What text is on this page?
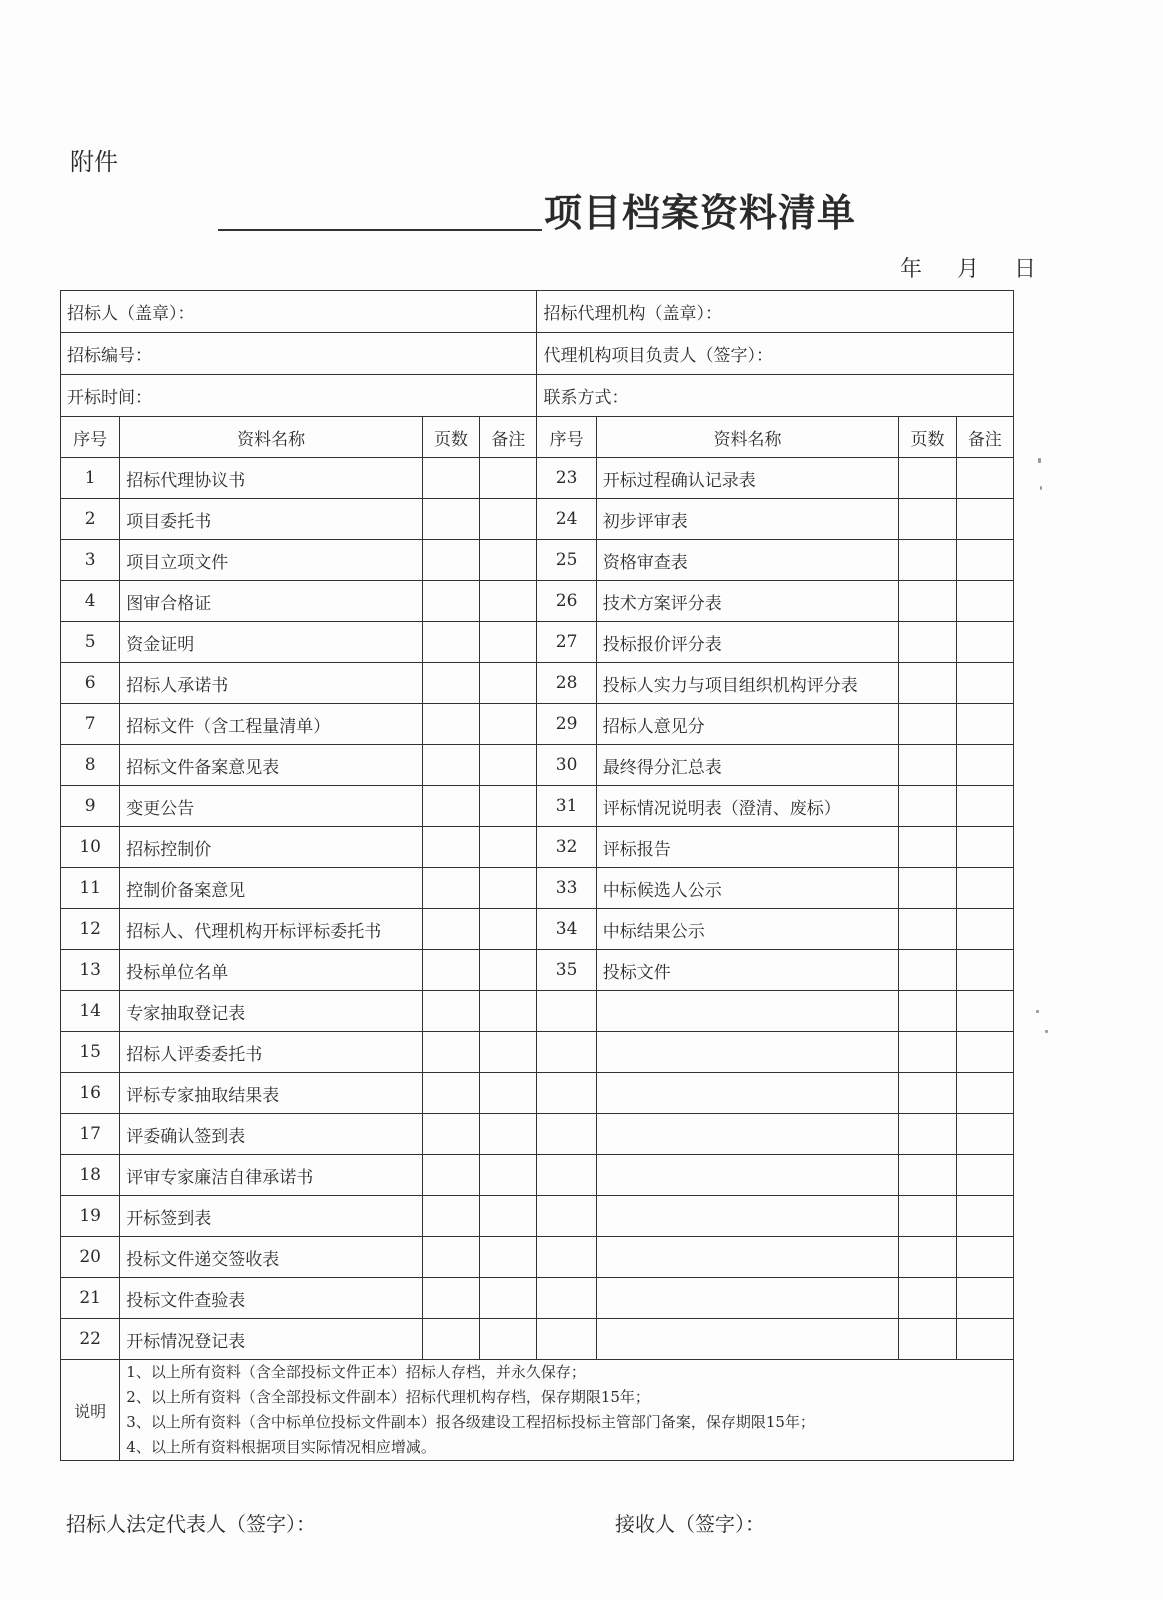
附件
项目档案资料清单
年 月 日
招标人（盖章）：				招标代理机构（盖章）：			
招标编号：				代理机构项目负责人（签字）：			
开标时间：				联系方式：			
序号	资料名称	页数	备注	序号	资料名称	页数	备注
1	招标代理协议书			23	开标过程确认记录表		
2	项目委托书			24	初步评审表		
3	项目立项文件			25	资格审查表		
4	图审合格证			26	技术方案评分表		
5	资金证明			27	投标报价评分表		
6	招标人承诺书			28	投标人实力与项目组织机构评分表		
7	招标文件（含工程量清单）			29	招标人意见分		
8	招标文件备案意见表			30	最终得分汇总表		
9	变更公告			31	评标情况说明表（澄清、废标）		
10	招标控制价			32	评标报告		
11	控制价备案意见			33	中标候选人公示		
12	招标人、代理机构开标评标委托书			34	中标结果公示		
13	投标单位名单			35	投标文件		
14	专家抽取登记表						
15	招标人评委委托书						
16	评标专家抽取结果表						
17	评委确认签到表						
18	评审专家廉洁自律承诺书						
19	开标签到表						
20	投标文件递交签收表						
21	投标文件查验表						
22	开标情况登记表						
说明	1、以上所有资料（含全部投标文件正本）招标人存档，并永久保存；
2、以上所有资料（含全部投标文件副本）招标代理机构存档，保存期限15年；
3、以上所有资料（含中标单位投标文件副本）报各级建设工程招标投标主管部门备案，保存期限15年；
4、以上所有资料根据项目实际情况相应增减。						
招标人法定代表人（签字）：	接收人（签字）：
